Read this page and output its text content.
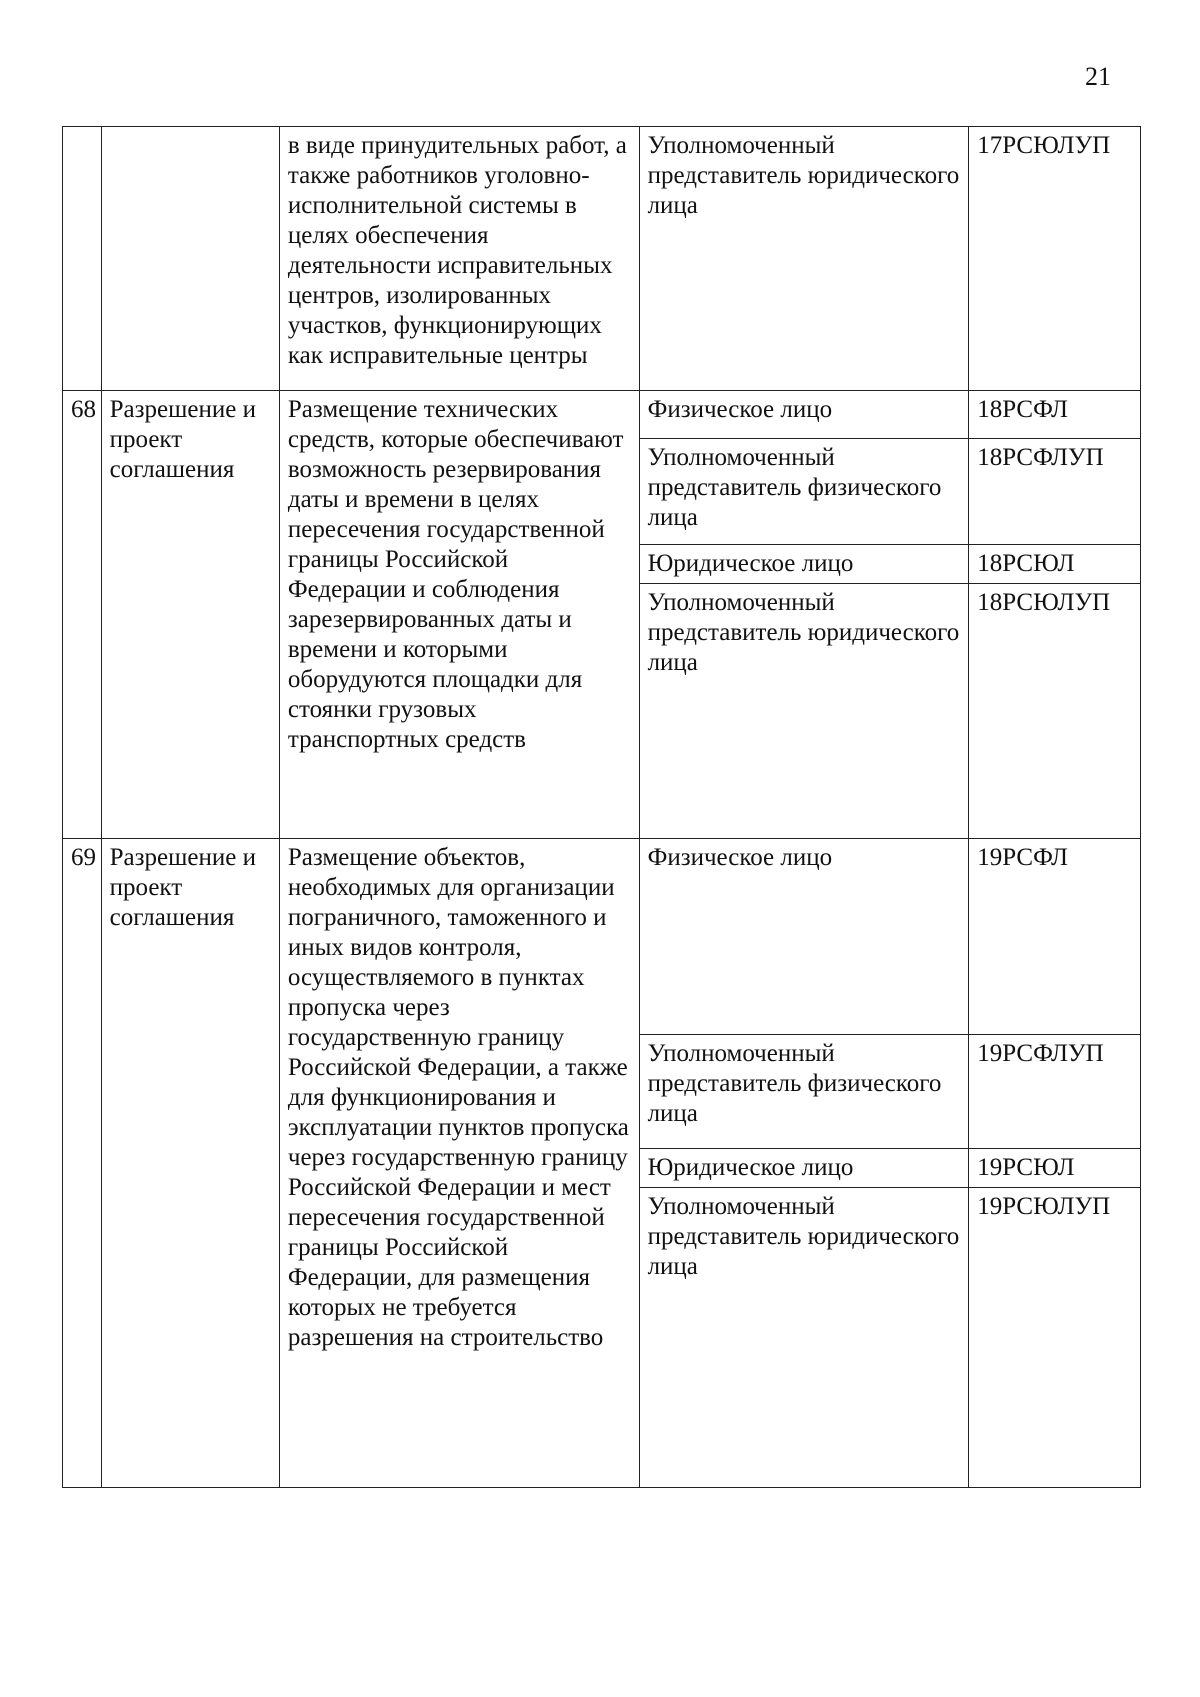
21
		в виде принудительных работ, а также работников уголовно-исполнительной системы в целях обеспечения деятельности исправительных центров, изолированных участков, функционирующих как исправительные центры	Уполномоченный представитель юридического лица	17РСЮЛУП
68	Разрешение и проект соглашения	Размещение технических средств, которые обеспечивают возможность резервирования даты и времени в целях пересечения государственной границы Российской Федерации и соблюдения зарезервированных даты и времени и которыми оборудуются площадки для стоянки грузовых транспортных средств	Физическое лицо	18РСФЛ
			Уполномоченный представитель физического лица	18РСФЛУП
			Юридическое лицо	18РСЮЛ
			Уполномоченный представитель юридического лица	18РСЮЛУП
69	Разрешение и проект соглашения	Размещение объектов, необходимых для организации пограничного, таможенного и иных видов контроля, осуществляемого в пунктах пропуска через государственную границу Российской Федерации, а также для функционирования и эксплуатации пунктов пропуска через государственную границу Российской Федерации и мест пересечения государственной границы Российской Федерации, для размещения которых не требуется разрешения на строительство	Физическое лицо	19РСФЛ
			Уполномоченный представитель физического лица	19РСФЛУП
			Юридическое лицо	19РСЮЛ
			Уполномоченный представитель юридического лица	19РСЮЛУП
